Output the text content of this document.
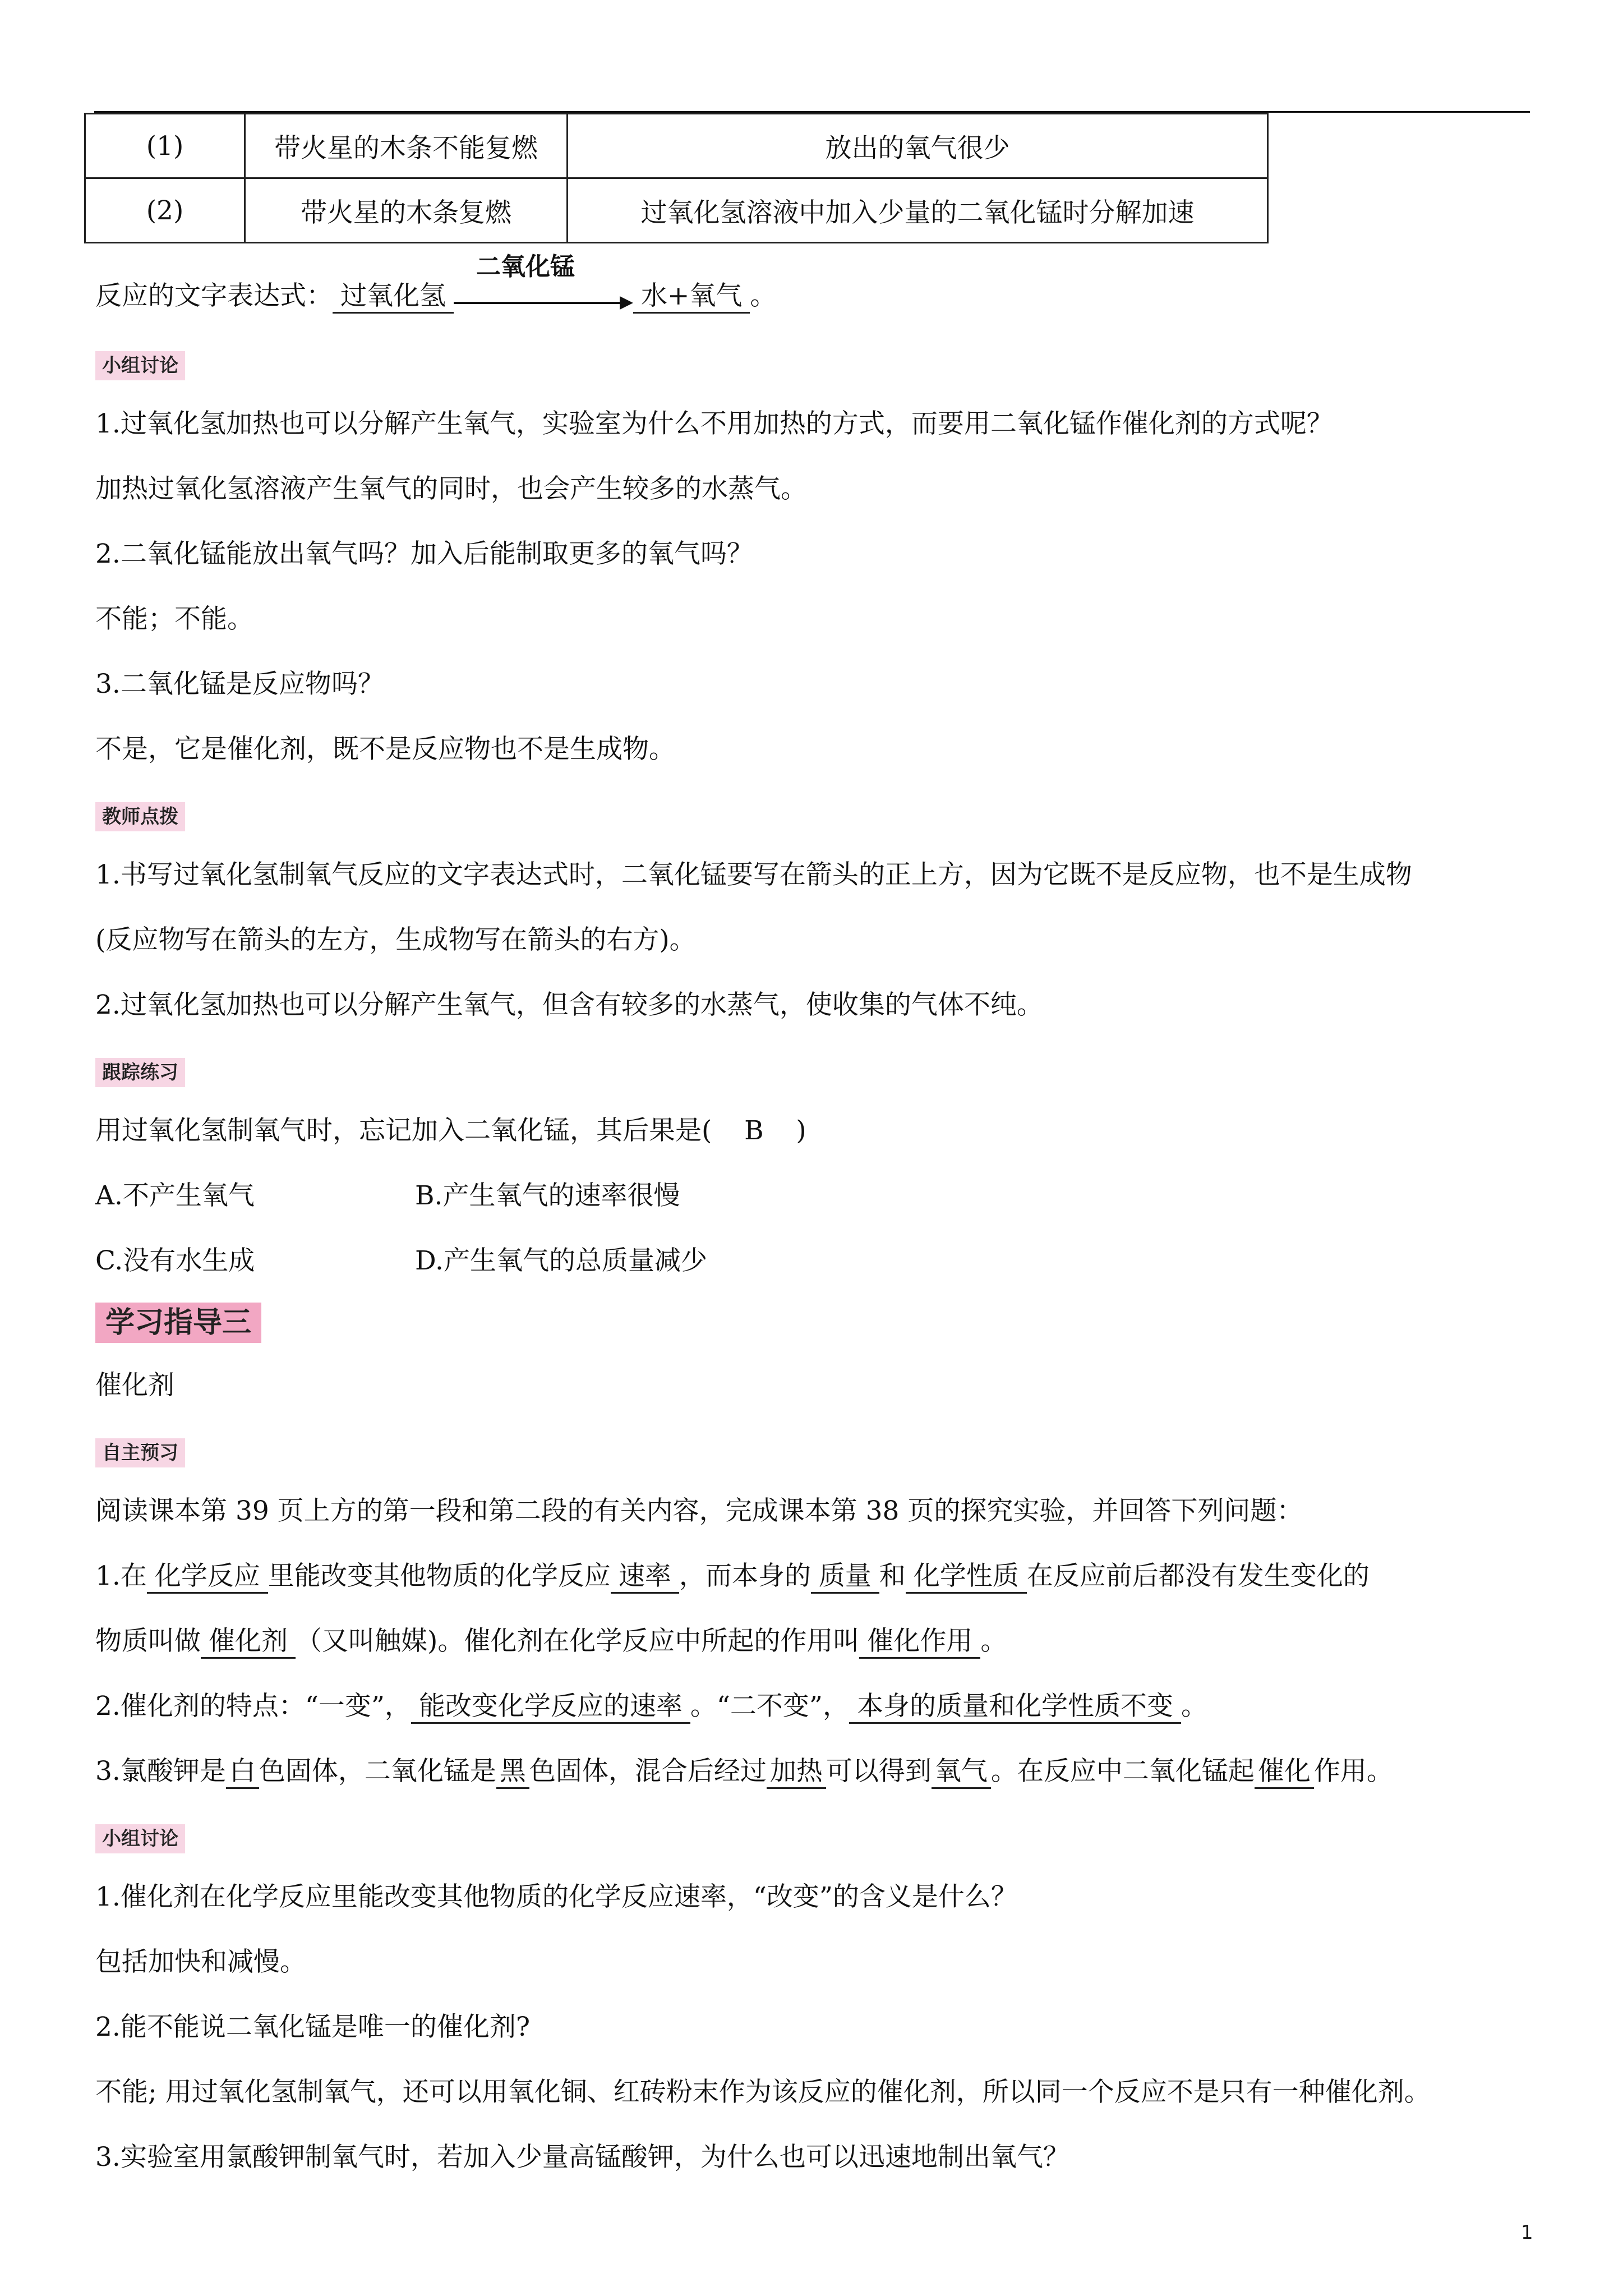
(1)	带火星的木条不能复燃	放出的氧气很少
(2)	带火星的木条复燃	过氧化氢溶液中加入少量的二氧化锰时分解加速
反应的文字表达式： 过氧化氢
二氧化锰
水+氧气 。
小组讨论
1.过氧化氢加热也可以分解产生氧气，实验室为什么不用加热的方式，而要用二氧化锰作催化剂的方式呢？
加热过氧化氢溶液产生氧气的同时，也会产生较多的水蒸气。
2.二氧化锰能放出氧气吗？加入后能制取更多的氧气吗？
不能；不能。
3.二氧化锰是反应物吗？
不是，它是催化剂，既不是反应物也不是生成物。
教师点拨
1.书写过氧化氢制氧气反应的文字表达式时，二氧化锰要写在箭头的正上方，因为它既不是反应物，也不是生成物
(反应物写在箭头的左方，生成物写在箭头的右方)。
2.过氧化氢加热也可以分解产生氧气，但含有较多的水蒸气，使收集的气体不纯。
跟踪练习
用过氧化氢制氧气时，忘记加入二氧化锰，其后果是( B )
A.不产生氧气	B.产生氧气的速率很慢
C.没有水生成	D.产生氧气的总质量减少
学习指导三
催化剂
自主预习
阅读课本第 39 页上方的第一段和第二段的有关内容，完成课本第 38 页的探究实验，并回答下列问题：
1.在 化学反应 里能改变其他物质的化学反应 速率 ，而本身的 质量 和 化学性质 在反应前后都没有发生变化的
物质叫做 催化剂 （又叫触媒)。催化剂在化学反应中所起的作用叫 催化作用 。
2.催化剂的特点：“一变”， 能改变化学反应的速率 。“二不变”， 本身的质量和化学性质不变 。
3.氯酸钾是 白 色固体，二氧化锰是 黑 色固体，混合后经过 加热 可以得到 氧气 。在反应中二氧化锰起 催化 作用。
小组讨论
1.催化剂在化学反应里能改变其他物质的化学反应速率，“改变”的含义是什么？
包括加快和减慢。
2.能不能说二氧化锰是唯一的催化剂?
不能; 用过氧化氢制氧气，还可以用氧化铜、红砖粉末作为该反应的催化剂，所以同一个反应不是只有一种催化剂。
3.实验室用氯酸钾制氧气时，若加入少量高锰酸钾，为什么也可以迅速地制出氧气？
1
